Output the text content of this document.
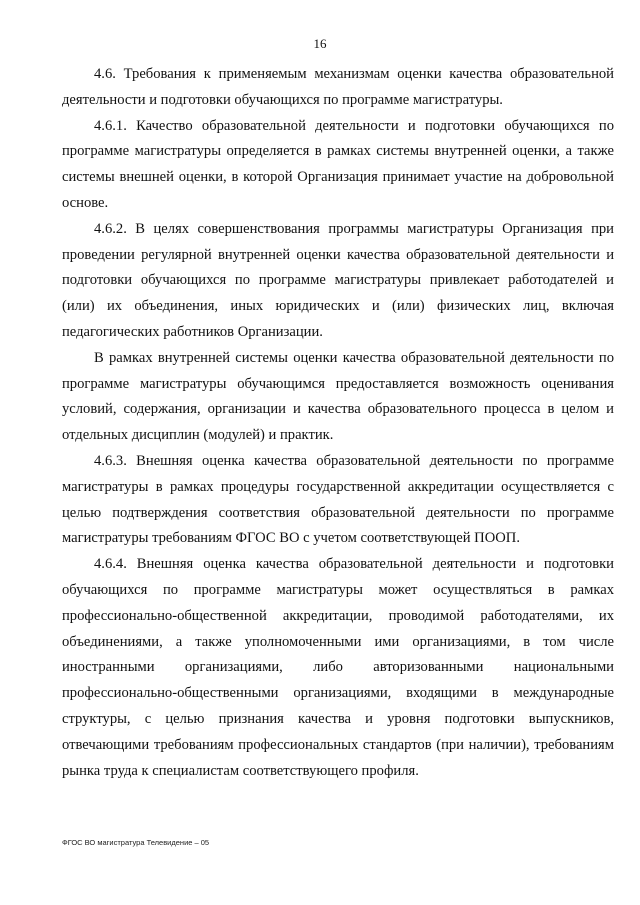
16

4.6. Требования к применяемым механизмам оценки качества образовательной деятельности и подготовки обучающихся по программе магистратуры.

4.6.1. Качество образовательной деятельности и подготовки обучающихся по программе магистратуры определяется в рамках системы внутренней оценки, а также системы внешней оценки, в которой Организация принимает участие на добровольной основе.

4.6.2. В целях совершенствования программы магистратуры Организация при проведении регулярной внутренней оценки качества образовательной деятельности и подготовки обучающихся по программе магистратуры привлекает работодателей и (или) их объединения, иных юридических и (или) физических лиц, включая педагогических работников Организации.

В рамках внутренней системы оценки качества образовательной деятельности по программе магистратуры обучающимся предоставляется возможность оценивания условий, содержания, организации и качества образовательного процесса в целом и отдельных дисциплин (модулей) и практик.

4.6.3. Внешняя оценка качества образовательной деятельности по программе магистратуры в рамках процедуры государственной аккредитации осуществляется с целью подтверждения соответствия образовательной деятельности по программе магистратуры требованиям ФГОС ВО с учетом соответствующей ПООП.

4.6.4. Внешняя оценка качества образовательной деятельности и подготовки обучающихся по программе магистратуры может осуществляться в рамках профессионально-общественной аккредитации, проводимой работодателями, их объединениями, а также уполномоченными ими организациями, в том числе иностранными организациями, либо авторизованными национальными профессионально-общественными организациями, входящими в международные структуры, с целью признания качества и уровня подготовки выпускников, отвечающими требованиям профессиональных стандартов (при наличии), требованиям рынка труда к специалистам соответствующего профиля.

ФГОС ВО магистратура Телевидение – 05
